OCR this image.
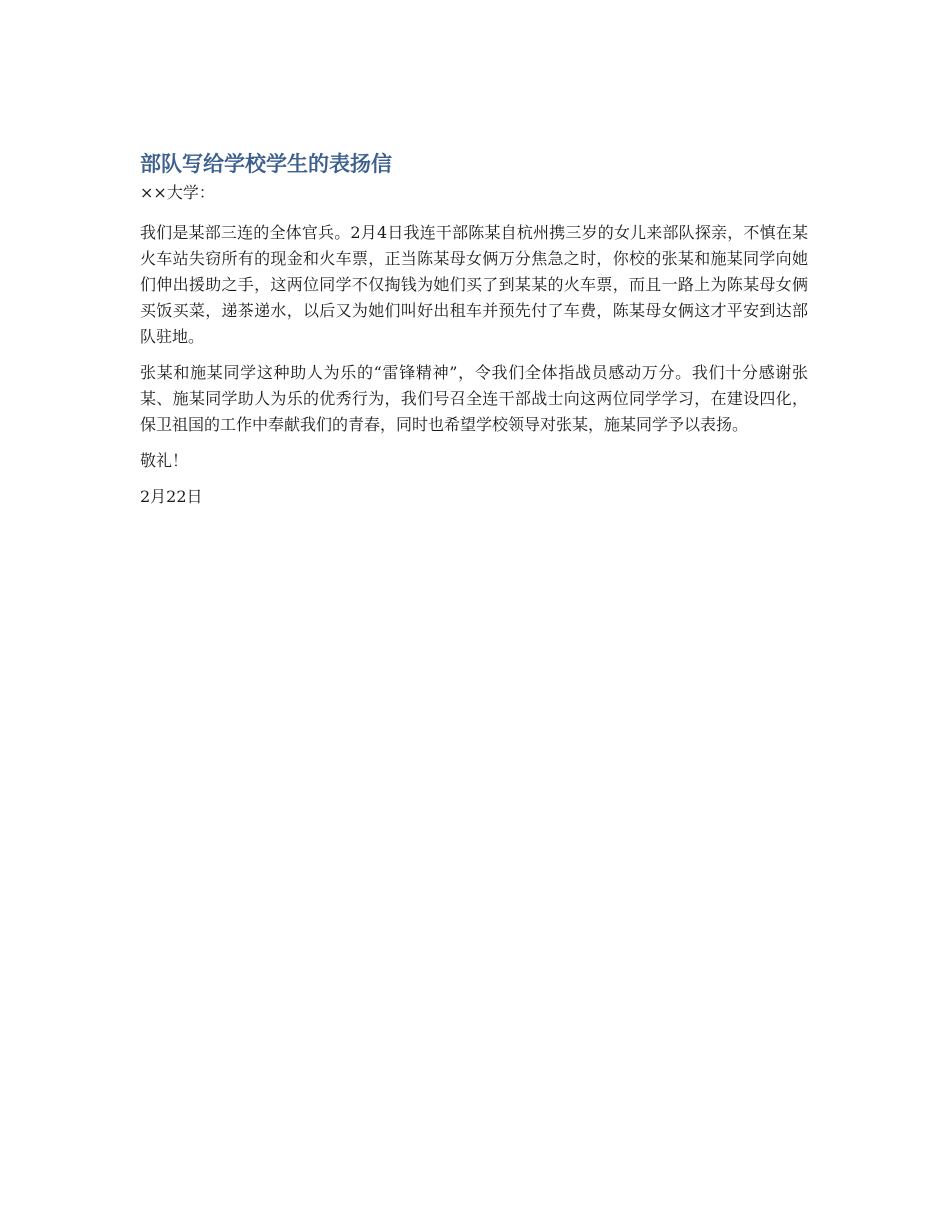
部队写给学校学生的表扬信

××大学：

我们是某部三连的全体官兵。2月4日我连干部陈某自杭州携三岁的女儿来部队探亲，不慎在某火车站失窃所有的现金和火车票，正当陈某母女俩万分焦急之时，你校的张某和施某同学向她们伸出援助之手，这两位同学不仅掏钱为她们买了到某某的火车票，而且一路上为陈某母女俩买饭买菜，递茶递水，以后又为她们叫好出租车并预先付了车费，陈某母女俩这才平安到达部队驻地。

张某和施某同学这种助人为乐的“雷锋精神”，令我们全体指战员感动万分。我们十分感谢张某、施某同学助人为乐的优秀行为，我们号召全连干部战士向这两位同学学习，在建设四化，保卫祖国的工作中奉献我们的青春，同时也希望学校领导对张某，施某同学予以表扬。

敬礼！

2月22日
